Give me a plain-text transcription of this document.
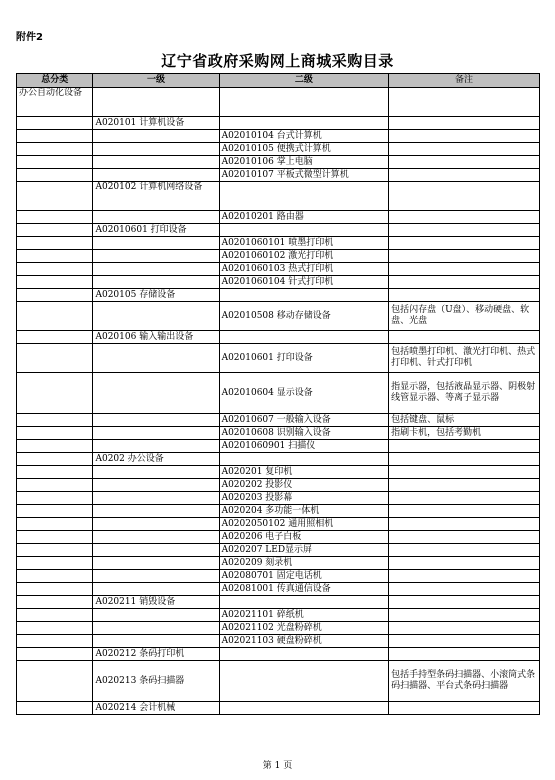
附件2
辽宁省政府采购网上商城采购目录
总分类	一级	二级	备注
办公自动化设备			
	A020101 计算机设备		
		A02010104 台式计算机	
		A02010105 便携式计算机	
		A02010106 掌上电脑	
		A02010107 平板式微型计算机	
	A020102 计算机网络设备		
		A02010201 路由器	
	A02010601 打印设备		
		A0201060101 喷墨打印机	
		A0201060102 激光打印机	
		A0201060103 热式打印机	
		A0201060104 针式打印机	
	A020105 存储设备		
		A02010508 移动存储设备	包括闪存盘（U盘）、移动硬盘、软盘、光盘
	A020106 输入输出设备		
		A02010601 打印设备	包括喷墨打印机、激光打印机、热式打印机、针式打印机
		A02010604 显示设备	指显示器，包括液晶显示器、阴极射线管显示器、等离子显示器
		A02010607 一般输入设备	包括键盘、鼠标
		A02010608 识别输入设备	指刷卡机，包括考勤机
		A0201060901 扫描仪	
	A0202 办公设备		
		A020201 复印机	
		A020202 投影仪	
		A020203 投影幕	
		A020204 多功能一体机	
		A0202050102 通用照相机	
		A020206 电子白板	
		A020207 LED显示屏	
		A020209 刻录机	
		A02080701 固定电话机	
		A02081001 传真通信设备	
	A020211 销毁设备		
		A02021101 碎纸机	
		A02021102 光盘粉碎机	
		A02021103 硬盘粉碎机	
	A020212 条码打印机		
	A020213 条码扫描器		包括手持型条码扫描器、小滚筒式条码扫描器、平台式条码扫描器
	A020214 会计机械		
第 1 页
